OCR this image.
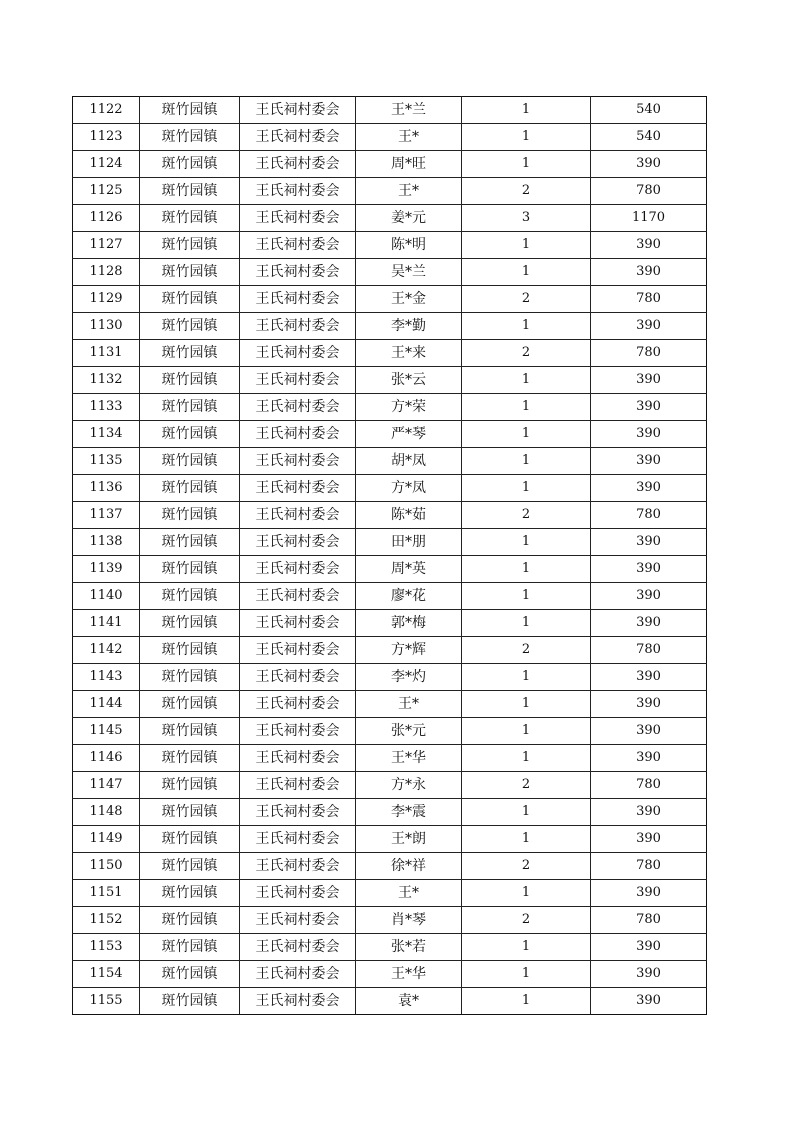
1122	斑竹园镇	王氏祠村委会	王*兰	1	540
1123	斑竹园镇	王氏祠村委会	王*	1	540
1124	斑竹园镇	王氏祠村委会	周*旺	1	390
1125	斑竹园镇	王氏祠村委会	王*	2	780
1126	斑竹园镇	王氏祠村委会	姜*元	3	1170
1127	斑竹园镇	王氏祠村委会	陈*明	1	390
1128	斑竹园镇	王氏祠村委会	吴*兰	1	390
1129	斑竹园镇	王氏祠村委会	王*金	2	780
1130	斑竹园镇	王氏祠村委会	李*勤	1	390
1131	斑竹园镇	王氏祠村委会	王*来	2	780
1132	斑竹园镇	王氏祠村委会	张*云	1	390
1133	斑竹园镇	王氏祠村委会	方*荣	1	390
1134	斑竹园镇	王氏祠村委会	严*琴	1	390
1135	斑竹园镇	王氏祠村委会	胡*凤	1	390
1136	斑竹园镇	王氏祠村委会	方*凤	1	390
1137	斑竹园镇	王氏祠村委会	陈*茹	2	780
1138	斑竹园镇	王氏祠村委会	田*朋	1	390
1139	斑竹园镇	王氏祠村委会	周*英	1	390
1140	斑竹园镇	王氏祠村委会	廖*花	1	390
1141	斑竹园镇	王氏祠村委会	郭*梅	1	390
1142	斑竹园镇	王氏祠村委会	方*辉	2	780
1143	斑竹园镇	王氏祠村委会	李*灼	1	390
1144	斑竹园镇	王氏祠村委会	王*	1	390
1145	斑竹园镇	王氏祠村委会	张*元	1	390
1146	斑竹园镇	王氏祠村委会	王*华	1	390
1147	斑竹园镇	王氏祠村委会	方*永	2	780
1148	斑竹园镇	王氏祠村委会	李*震	1	390
1149	斑竹园镇	王氏祠村委会	王*朗	1	390
1150	斑竹园镇	王氏祠村委会	徐*祥	2	780
1151	斑竹园镇	王氏祠村委会	王*	1	390
1152	斑竹园镇	王氏祠村委会	肖*琴	2	780
1153	斑竹园镇	王氏祠村委会	张*若	1	390
1154	斑竹园镇	王氏祠村委会	王*华	1	390
1155	斑竹园镇	王氏祠村委会	袁*	1	390
